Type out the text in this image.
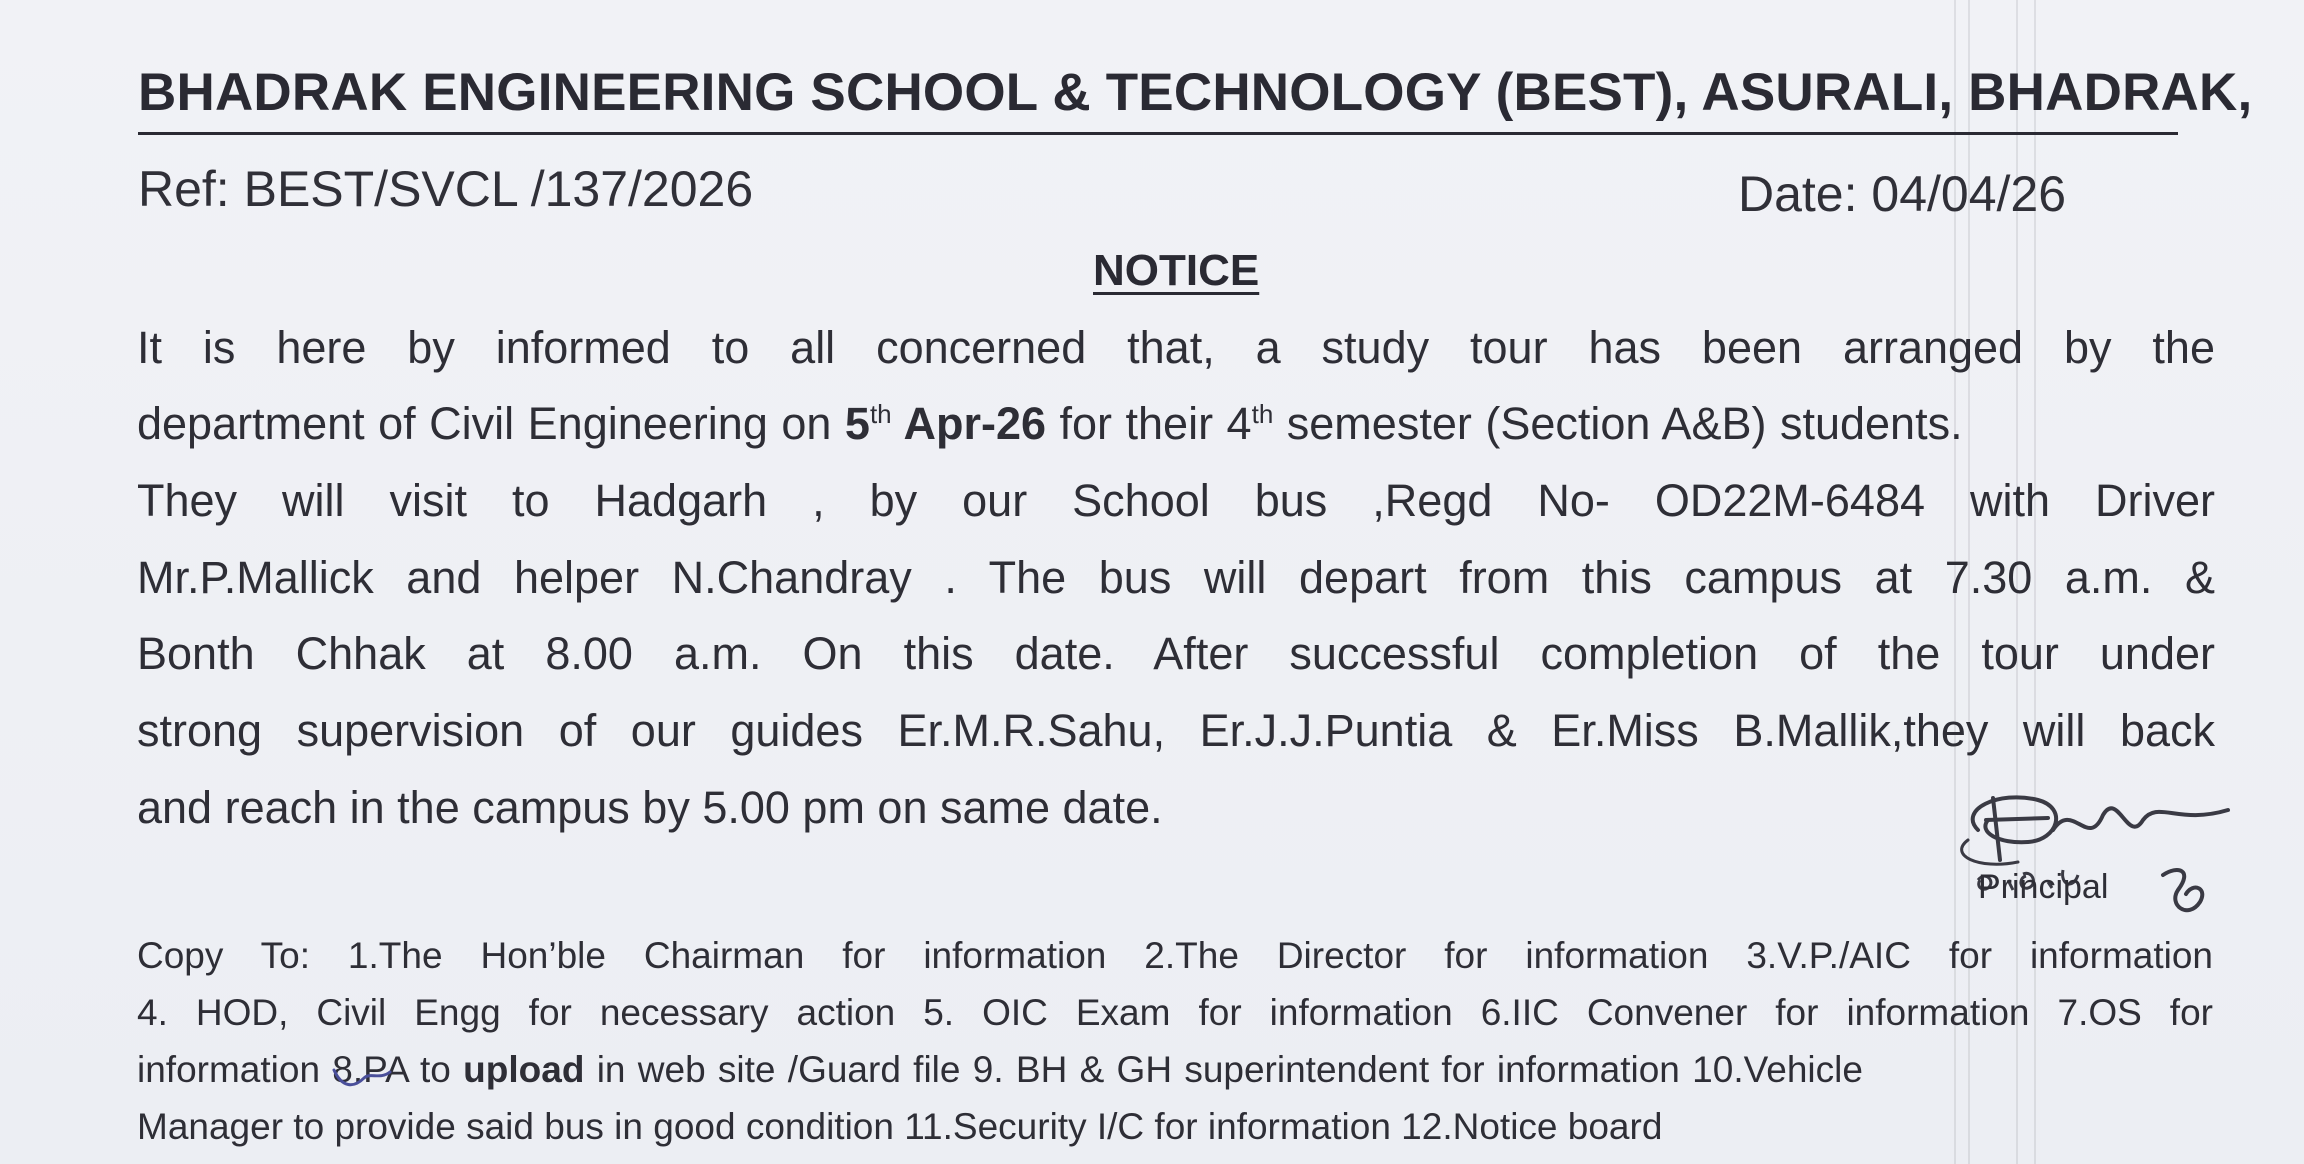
BHADRAK ENGINEERING SCHOOL & TECHNOLOGY (BEST), ASURALI, BHADRAK,
Ref: BEST/SVCL /137/2026	Date: 04/04/26
NOTICE
It is here by informed to all concerned that, a study tour has been arranged by the
department of Civil Engineering on 5th Apr-26 for their 4th semester (Section A&B) students.
They will visit to Hadgarh , by our School bus ,Regd No- OD22M-6484 with Driver
Mr.P.Mallick and helper N.Chandray . The bus will depart from this campus at 7.30 a.m. &
Bonth Chhak at 8.00 a.m. On this date. After successful completion of the tour under
strong supervision of our guides Er.M.R.Sahu, Er.J.J.Puntia & Er.Miss B.Mallik,they will back
and reach in the campus by 5.00 pm on same date.
Principal
Copy To: 1.The Hon’ble Chairman for information 2.The Director for information 3.V.P./AIC for information
4. HOD, Civil Engg for necessary action 5. OIC Exam for information 6.IIC Convener for information 7.OS for
information 8.PA to upload in web site /Guard file 9. BH & GH superintendent for information 10.Vehicle
Manager to provide said bus in good condition 11.Security I/C for information 12.Notice board
